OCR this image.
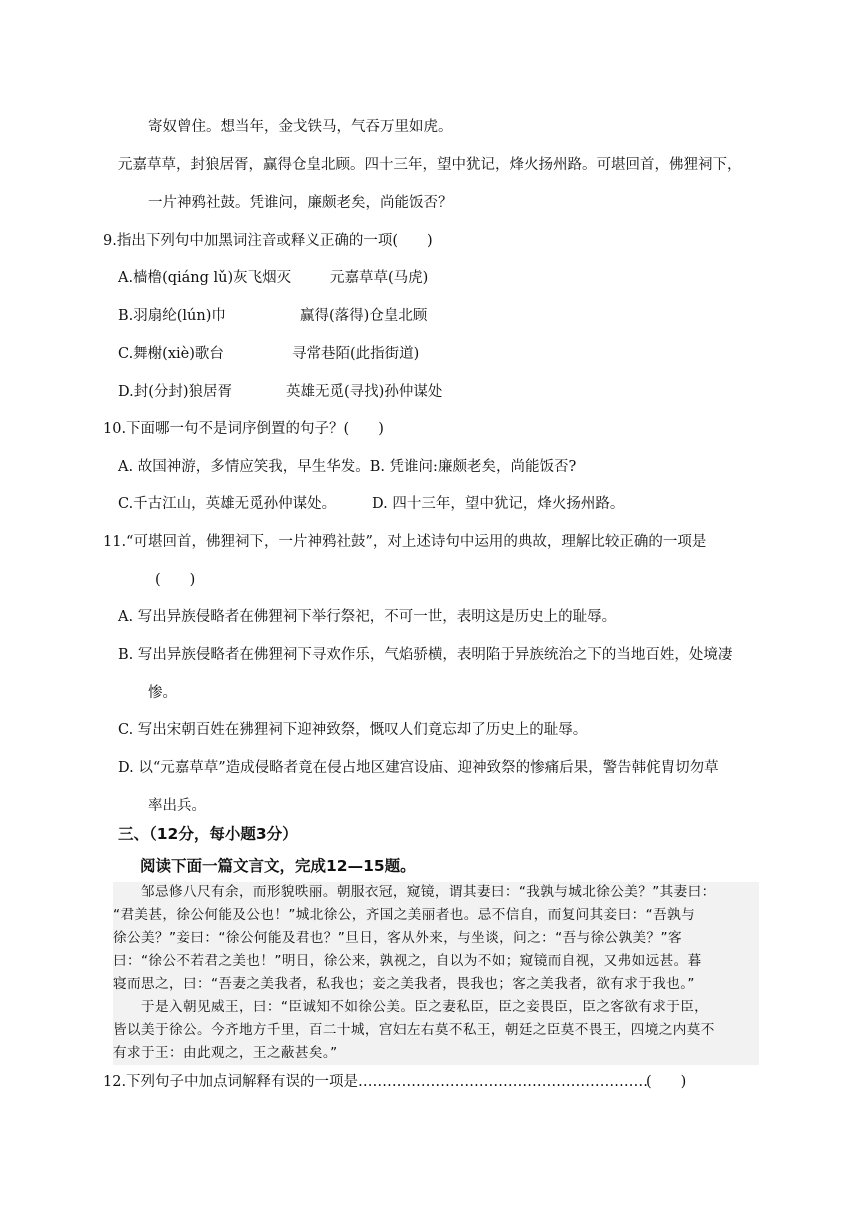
寄奴曾住。想当年，金戈铁马，气吞万里如虎。
元嘉草草，封狼居胥，赢得仓皇北顾。四十三年，望中犹记，烽火扬州路。可堪回首，佛狸祠下，
一片神鸦社鼓。凭谁问，廉颇老矣，尚能饭否？
9.指出下列句中加黑词注音或释义正确的一项(　　)
A.樯橹(qiáng lǔ)灰飞烟灭	元嘉草草(马虎)
B.羽扇纶(lún)巾	赢得(落得)仓皇北顾
C.舞榭(xiè)歌台	寻常巷陌(此指街道)
D.封(分封)狼居胥	英雄无觅(寻找)孙仲谋处
10.下面哪一句不是词序倒置的句子？(　　)
A. 故国神游，多情应笑我，早生华发。B. 凭谁问:廉颇老矣，尚能饭否?
C.千古江山，英雄无觅孙仲谋处。 D. 四十三年，望中犹记，烽火扬州路。
11.“可堪回首，佛狸祠下，一片神鸦社鼓”，对上述诗句中运用的典故，理解比较正确的一项是
(　　)
A. 写出异族侵略者在佛狸祠下举行祭祀，不可一世，表明这是历史上的耻辱。
B. 写出异族侵略者在佛狸祠下寻欢作乐，气焰骄横，表明陷于异族统治之下的当地百姓，处境凄
惨。
C. 写出宋朝百姓在狒狸祠下迎神致祭，慨叹人们竟忘却了历史上的耻辱。
D. 以“元嘉草草”造成侵略者竟在侵占地区建宫设庙、迎神致祭的惨痛后果，警告韩侂胄切勿草
率出兵。
三、（12分，每小题3分）
阅读下面一篇文言文，完成12—15题。
　　邹忌修八尺有余，而形貌昳丽。朝服衣冠，窥镜，谓其妻曰：“我孰与城北徐公美？”其妻曰：
“君美甚，徐公何能及公也！”城北徐公，齐国之美丽者也。忌不信自，而复问其妾曰：“吾孰与
徐公美？”妾曰：“徐公何能及君也？”旦日，客从外来，与坐谈，问之：“吾与徐公孰美？”客
曰：“徐公不若君之美也！”明日，徐公来，孰视之，自以为不如；窥镜而自视，又弗如远甚。暮
寝而思之，曰：“吾妻之美我者，私我也；妾之美我者，畏我也；客之美我者，欲有求于我也。”
　　于是入朝见威王，曰：“臣诚知不如徐公美。臣之妻私臣，臣之妾畏臣，臣之客欲有求于臣，
皆以美于徐公。今齐地方千里，百二十城，宫妇左右莫不私王，朝廷之臣莫不畏王，四境之内莫不
有求于王：由此观之，王之蔽甚矣。”
12.下列句子中加点词解释有误的一项是……………………………………………………
(　　)
